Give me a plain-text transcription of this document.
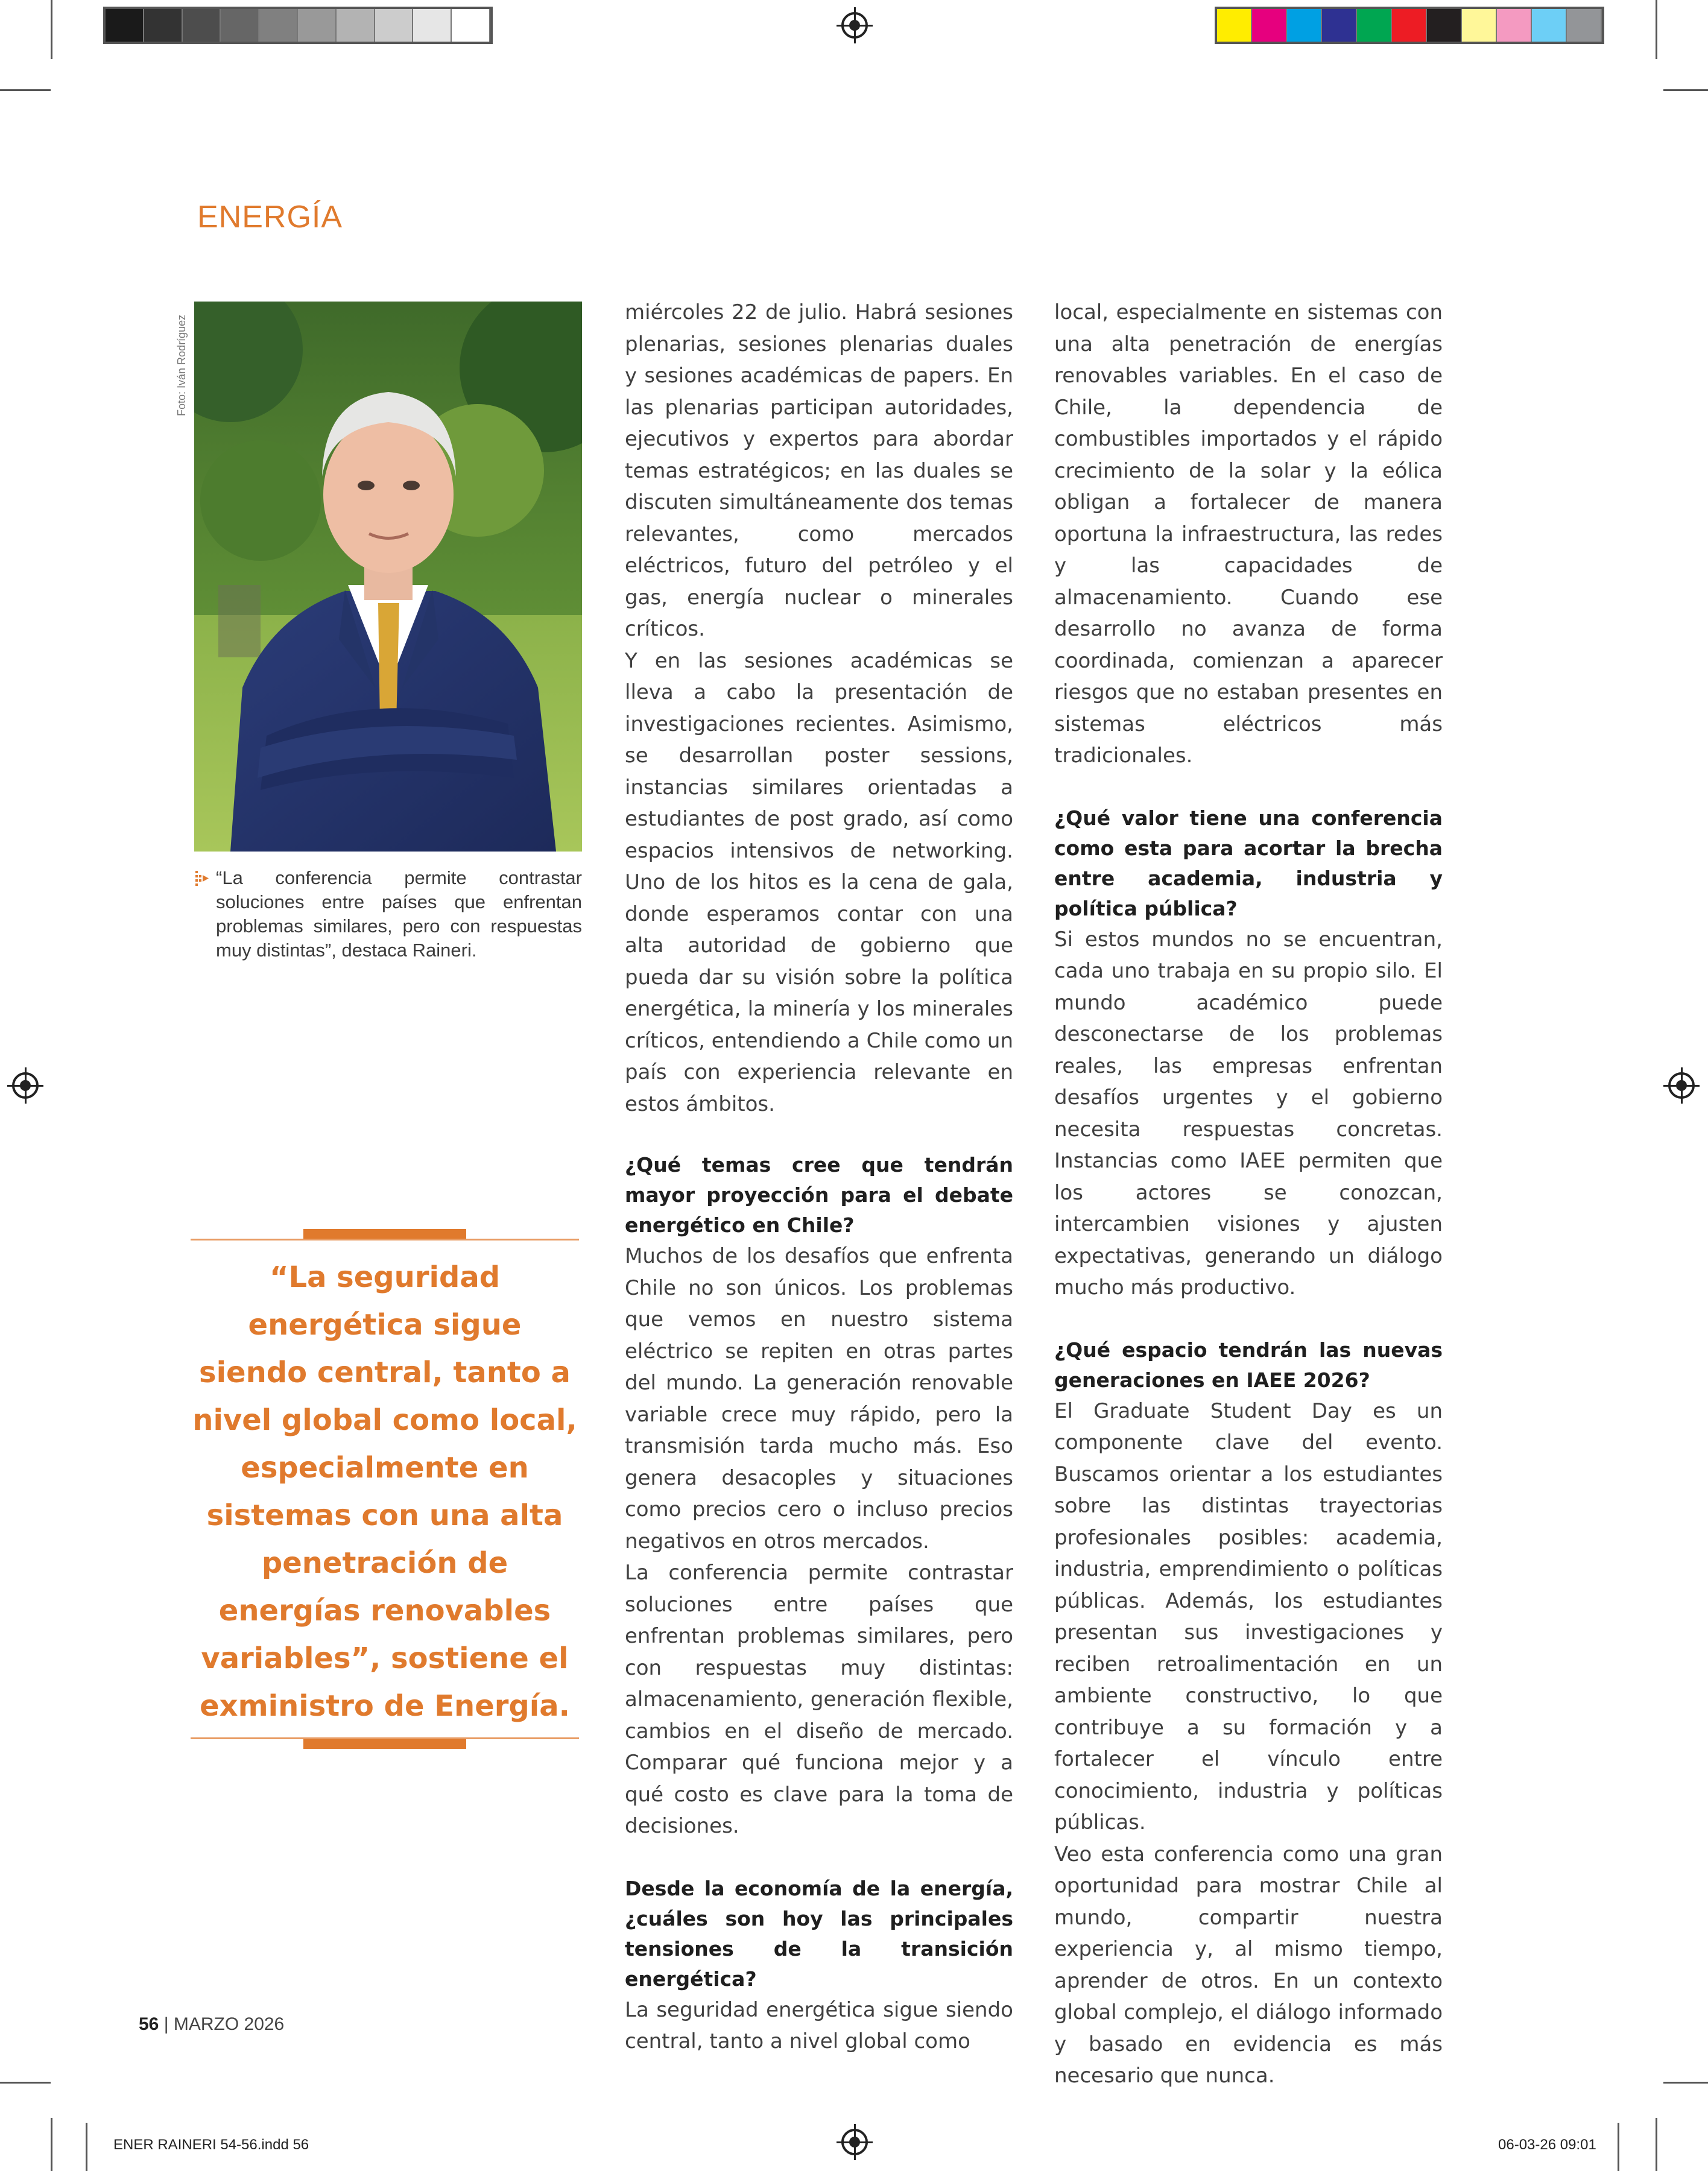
ENER RAINERI 54-56.indd 56	06-03-26 09:01
ENERGÍA
Foto: Iván Rodríguez
“La conferencia permite contrastar soluciones entre países que enfrentan problemas similares, pero con respuestas muy distintas”, destaca Raineri.
“La seguridad energética sigue siendo central, tanto a nivel global como local, especialmente en sistemas con una alta penetración de energías renovables variables”, sostiene el exministro de Energía.

miércoles 22 de julio. Habrá sesiones plenarias, sesiones plenarias duales y sesiones académicas de papers. En las plenarias participan autoridades, ejecutivos y expertos para abordar temas estratégicos; en las duales se discuten simultáneamente dos temas relevantes, como mercados eléctricos, futuro del petróleo y el gas, energía nuclear o minerales críticos.

Y en las sesiones académicas se lleva a cabo la presentación de investigaciones recientes. Asimismo, se desarrollan poster sessions, instancias similares orientadas a estudiantes de post grado, así como espacios intensivos de networking. Uno de los hitos es la cena de gala, donde esperamos contar con una alta autoridad de gobierno que pueda dar su visión sobre la política energética, la minería y los minerales críticos, entendiendo a Chile como un país con experiencia relevante en estos ámbitos.

¿Qué temas cree que tendrán mayor proyección para el debate energético en Chile?

Muchos de los desafíos que enfrenta Chile no son únicos. Los problemas que vemos en nuestro sistema eléctrico se repiten en otras partes del mundo. La generación renovable variable crece muy rápido, pero la transmisión tarda mucho más. Eso genera desacoples y situaciones como precios cero o incluso precios negativos en otros mercados.

La conferencia permite contrastar soluciones entre países que enfrentan problemas similares, pero con respuestas muy distintas: almacenamiento, generación flexible, cambios en el diseño de mercado. Comparar qué funciona mejor y a qué costo es clave para la toma de decisiones.

Desde la economía de la energía, ¿cuáles son hoy las principales tensiones de la transición energética?

La seguridad energética sigue siendo central, tanto a nivel global como

local, especialmente en sistemas con una alta penetración de energías renovables variables. En el caso de Chile, la dependencia de combustibles importados y el rápido crecimiento de la solar y la eólica obligan a fortalecer de manera oportuna la infraestructura, las redes y las capacidades de almacenamiento. Cuando ese desarrollo no avanza de forma coordinada, comienzan a aparecer riesgos que no estaban presentes en sistemas eléctricos más tradicionales.

¿Qué valor tiene una conferencia como esta para acortar la brecha entre academia, industria y política pública?

Si estos mundos no se encuentran, cada uno trabaja en su propio silo. El mundo académico puede desconectarse de los problemas reales, las empresas enfrentan desafíos urgentes y el gobierno necesita respuestas concretas. Instancias como IAEE permiten que los actores se conozcan, intercambien visiones y ajusten expectativas, generando un diálogo mucho más productivo.

¿Qué espacio tendrán las nuevas generaciones en IAEE 2026?

El Graduate Student Day es un componente clave del evento. Buscamos orientar a los estudiantes sobre las distintas trayectorias profesionales posibles: academia, industria, emprendimiento o políticas públicas. Además, los estudiantes presentan sus investigaciones y reciben retroalimentación en un ambiente constructivo, lo que contribuye a su formación y a fortalecer el vínculo entre conocimiento, industria y políticas públicas.

Veo esta conferencia como una gran oportunidad para mostrar Chile al mundo, compartir nuestra experiencia y, al mismo tiempo, aprender de otros. En un contexto global complejo, el diálogo informado y basado en evidencia es más necesario que nunca.

56 | MARZO 2026
